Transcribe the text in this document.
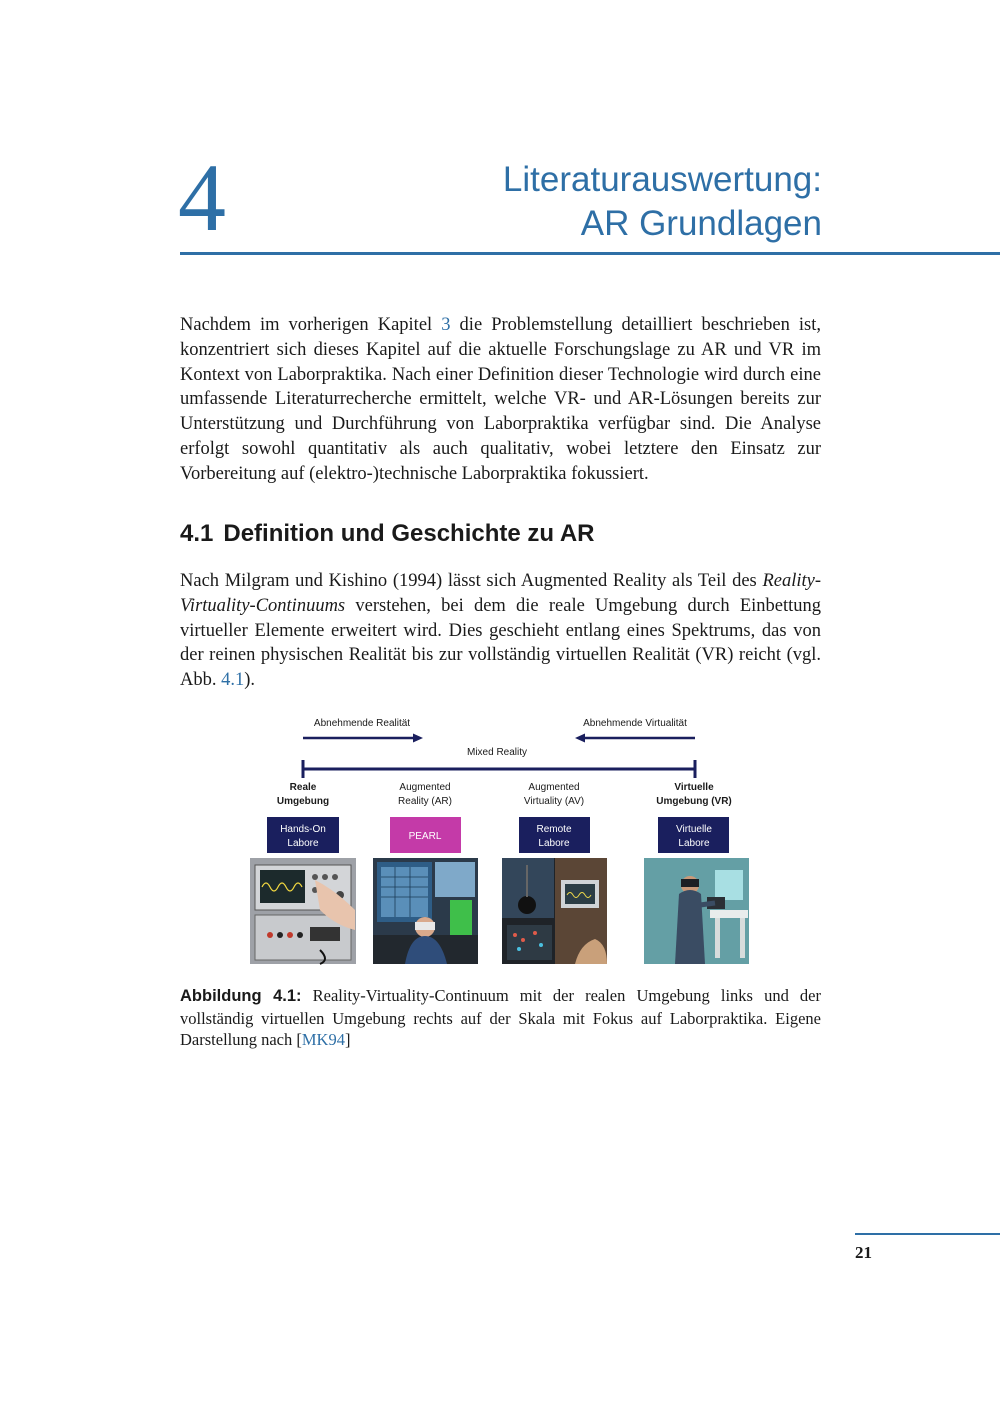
4	Literaturauswertung:
AR Grundlagen

Nachdem im vorherigen Kapitel 3 die Problemstellung detailliert beschrieben ist, konzentriert sich dieses Kapitel auf die aktuelle Forschungslage zu AR und VR im Kontext von Laborpraktika. Nach einer Definition dieser Technologie wird durch eine umfassende Literaturrecherche ermittelt, welche VR- und AR-Lösungen bereits zur Unterstützung und Durchführung von Laborpraktika verfügbar sind. Die Analyse erfolgt sowohl quantitativ als auch qualitativ, wobei letztere den Einsatz zur Vorbereitung auf (elektro-)technische Laborpraktika fokussiert.

4.1 Definition und Geschichte zu AR

Nach Milgram und Kishino (1994) lässt sich Augmented Reality als Teil des Reality-Virtuality-Continuums verstehen, bei dem die reale Umgebung durch Einbettung virtueller Elemente erweitert wird. Dies geschieht entlang eines Spektrums, das von der reinen physischen Realität bis zur vollständig virtuellen Realität (VR) reicht (vgl. Abb. 4.1).

Abnehmende Realität	Abnehmende Virtualität
Mixed Reality
Reale
Umgebung
Augmented
Reality (AR)
Augmented
Virtuality (AV)
Virtuelle
Umgebung (VR)
Hands-On
Labore
PEARL
Remote
Labore
Virtuelle
Labore

Abbildung 4.1: Reality-Virtuality-Continuum mit der realen Umgebung links und der vollständig virtuellen Umgebung rechts auf der Skala mit Fokus auf Laborpraktika. Eigene Darstellung nach [MK94]

21
